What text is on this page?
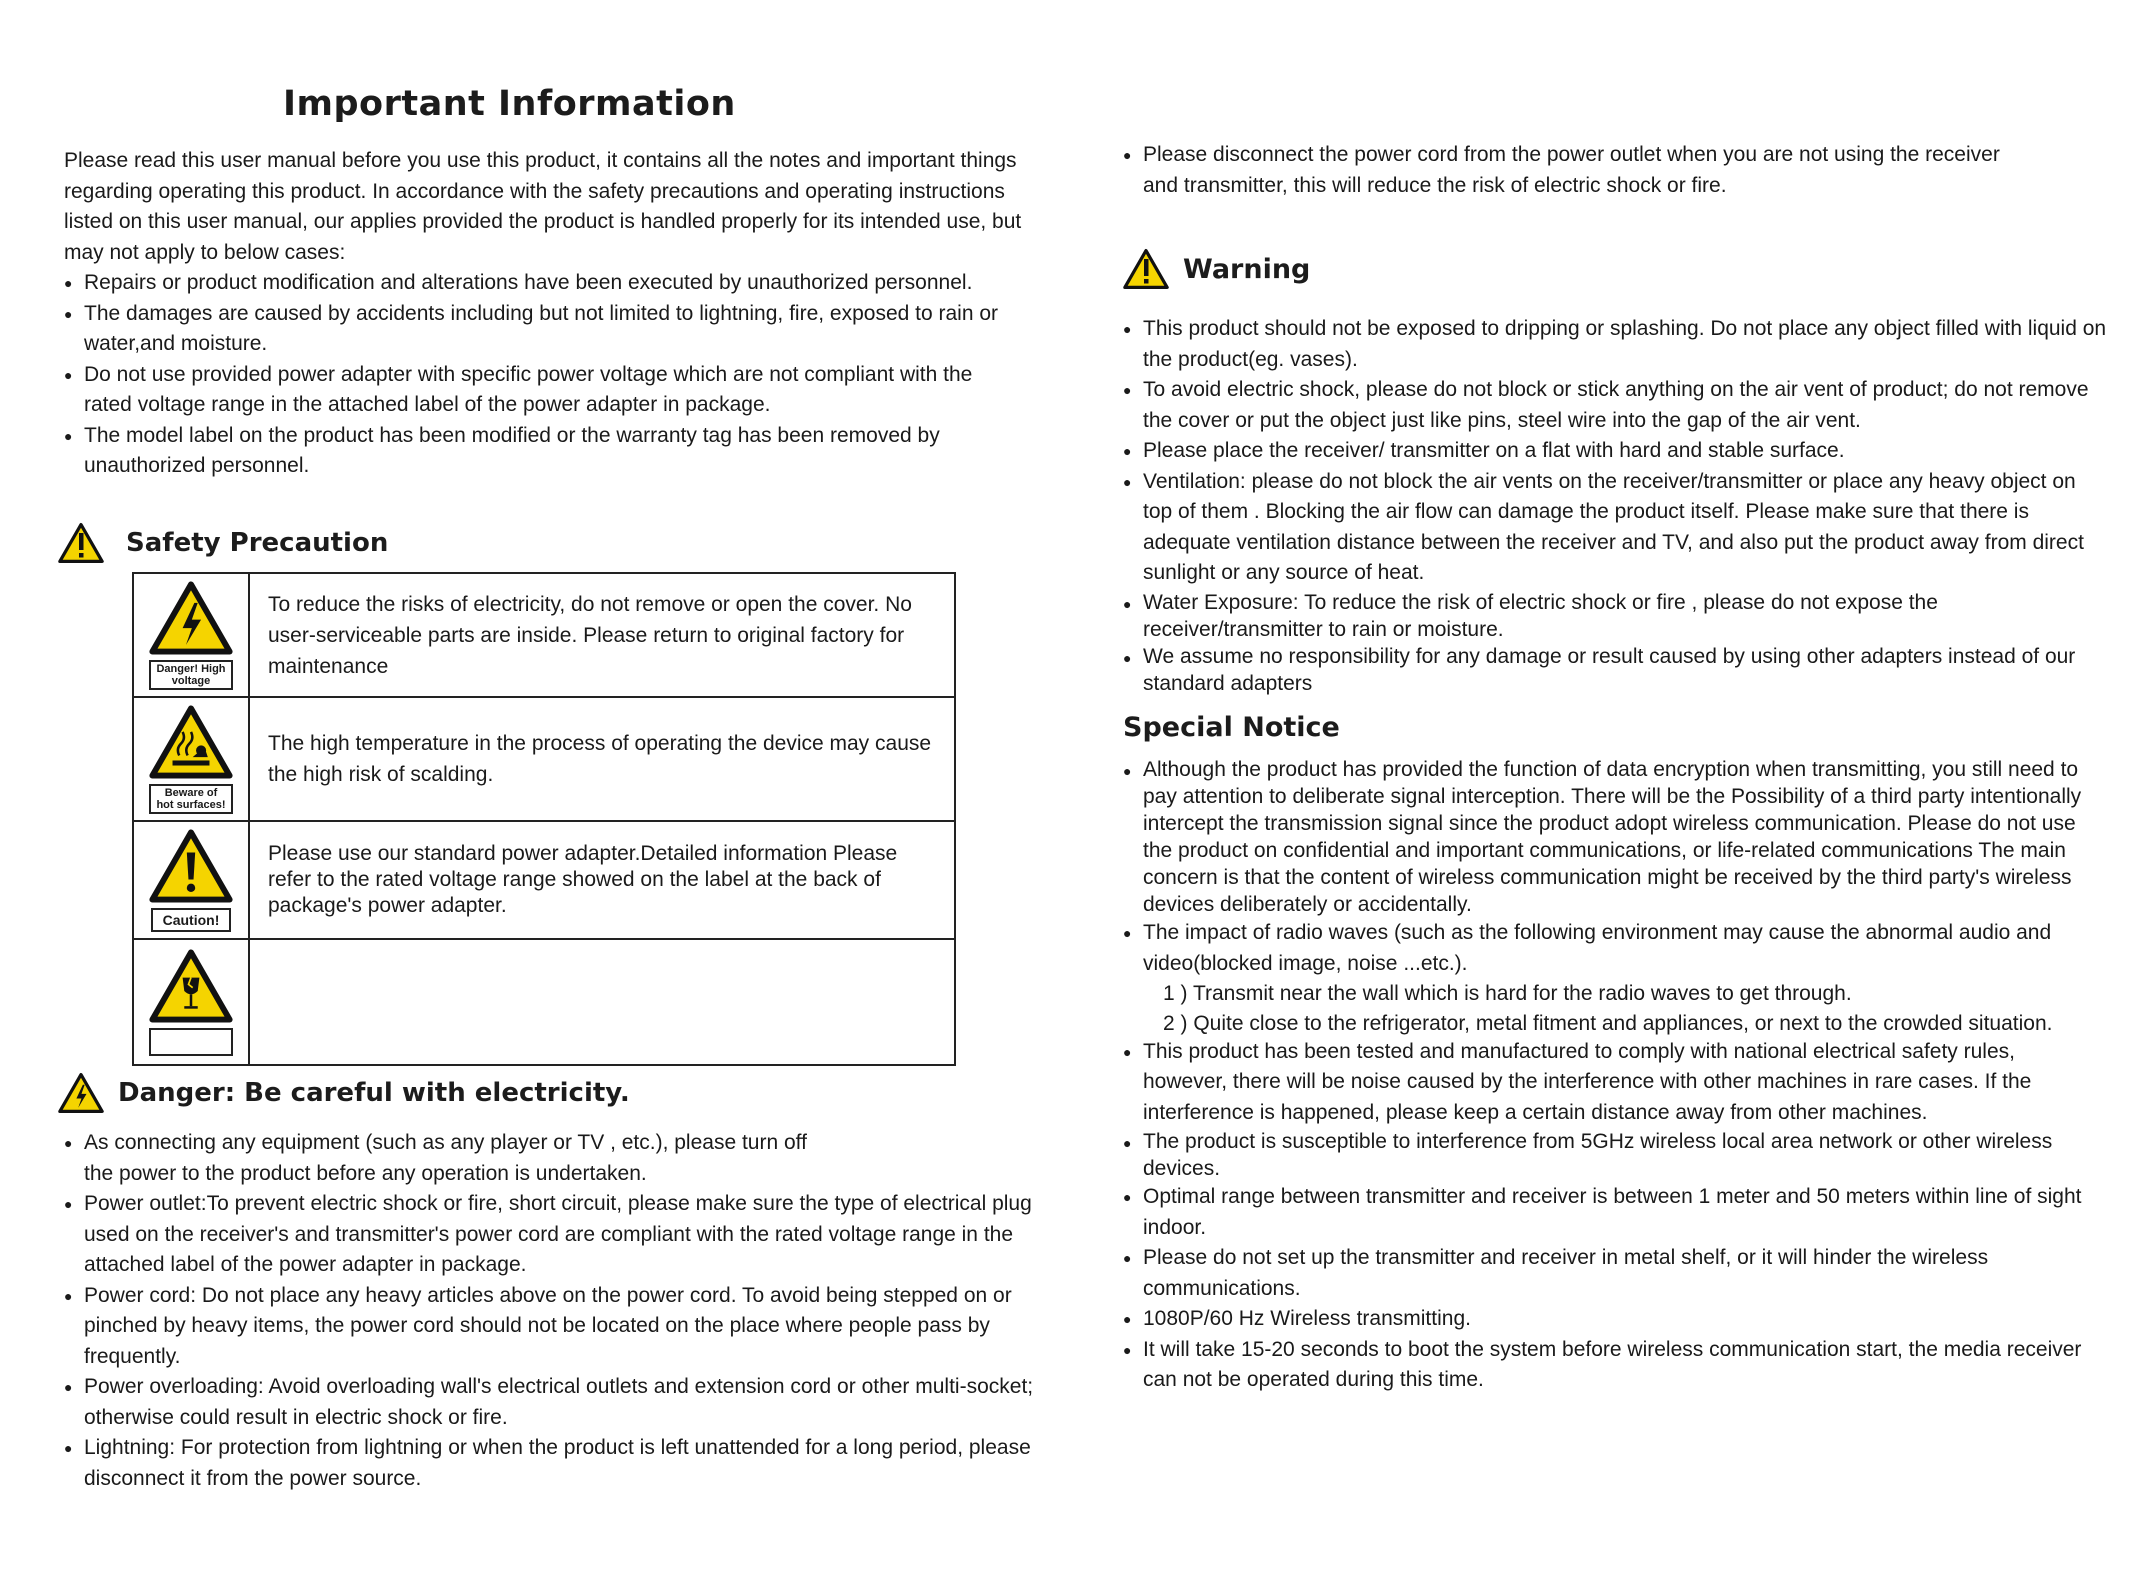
Important Information

Please read this user manual before you use this product, it contains all the notes and important things regarding operating this product. In accordance with the safety precautions and operating instructions listed on this user manual, our applies provided the product is handled properly for its intended use, but may not apply to below cases:

● Repairs or product modification and alterations have been executed by unauthorized personnel.
● The damages are caused by accidents including but not limited to lightning, fire, exposed to rain or water,and moisture.
● Do not use provided power adapter with specific power voltage which are not compliant with the rated voltage range in the attached label of the power adapter in package.
● The model label on the product has been modified or the warranty tag has been removed by unauthorized personnel.
Safety Precaution
Danger! High voltage	To reduce the risks of electricity, do not remove or open the cover. No user-serviceable parts are inside. Please return to original factory for maintenance

Beware of hot surfaces!	The high temperature in the process of operating the device may cause the high risk of scalding.

Caution!	Please use our standard power adapter.Detailed information Please refer to the rated voltage range showed on the label at the back of package's power adapter.

Danger: Be careful with electricity.
● As connecting any equipment (such as any player or TV , etc.), please turn off the power to the product before any operation is undertaken.
● Power outlet:To prevent electric shock or fire, short circuit, please make sure the type of electrical plug used on the receiver's and transmitter's power cord are compliant with the rated voltage range in the attached label of the power adapter in package.
● Power cord: Do not place any heavy articles above on the power cord. To avoid being stepped on or pinched by heavy items, the power cord should not be located on the place where people pass by frequently.
● Power overloading: Avoid overloading wall's electrical outlets and extension cord or other multi-socket; otherwise could result in electric shock or fire.
● Lightning: For protection from lightning or when the product is left unattended for a long period, please disconnect it from the power source.
● Please disconnect the power cord from the power outlet when you are not using the receiver and transmitter, this will reduce the risk of electric shock or fire.
Warning
● This product should not be exposed to dripping or splashing. Do not place any object filled with liquid on the product(eg. vases).
● To avoid electric shock, please do not block or stick anything on the air vent of product; do not remove the cover or put the object just like pins, steel wire into the gap of the air vent.
● Please place the receiver/ transmitter on a flat with hard and stable surface.
● Ventilation: please do not block the air vents on the receiver/transmitter or place any heavy object on top of them . Blocking the air flow can damage the product itself. Please make sure that there is adequate ventilation distance between the receiver and TV, and also put the product away from direct sunlight or any source of heat.
● Water Exposure: To reduce the risk of electric shock or fire , please do not expose the receiver/transmitter to rain or moisture.
● We assume no responsibility for any damage or result caused by using other adapters instead of our standard adapters
Special Notice
● Although the product has provided the function of data encryption when transmitting, you still need to pay attention to deliberate signal interception. There will be the Possibility of a third party intentionally intercept the transmission signal since the product adopt wireless communication. Please do not use the product on confidential and important communications, or life-related communications The main concern is that the content of wireless communication might be received by the third party's wireless devices deliberately or accidentally.
● The impact of radio waves (such as the following environment may cause the abnormal audio and video(blocked image, noise ...etc.).
1 ) Transmit near the wall which is hard for the radio waves to get through.
2 ) Quite close to the refrigerator, metal fitment and appliances, or next to the crowded situation.
● This product has been tested and manufactured to comply with national electrical safety rules, however, there will be noise caused by the interference with other machines in rare cases. If the interference is happened, please keep a certain distance away from other machines.
● The product is susceptible to interference from 5GHz wireless local area network or other wireless devices.
● Optimal range between transmitter and receiver is between 1 meter and 50 meters within line of sight indoor.
● Please do not set up the transmitter and receiver in metal shelf, or it will hinder the wireless communications.
● 1080P/60 Hz Wireless transmitting.
● It will take 15-20 seconds to boot the system before wireless communication start, the media receiver can not be operated during this time.
